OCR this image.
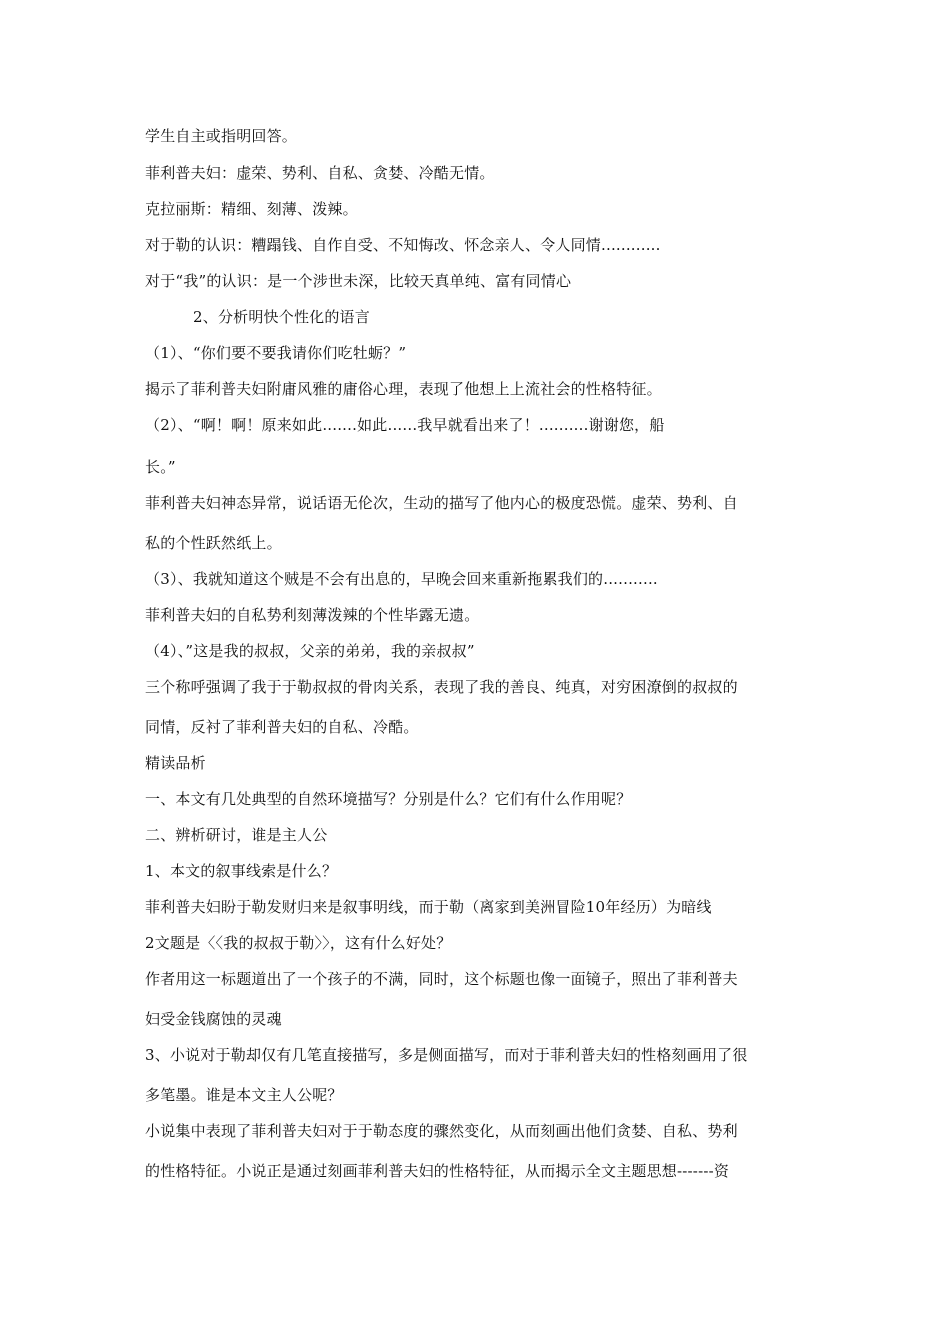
学生自主或指明回答。
菲利普夫妇：虚荣、势利、自私、贪婪、冷酷无情。
克拉丽斯：精细、刻薄、泼辣。
对于勒的认识：糟蹋钱、自作自受、不知悔改、怀念亲人、令人同情............
对于“我”的认识：是一个涉世未深，比较天真单纯、富有同情心
2、分析明快个性化的语言
（1）、“你们要不要我请你们吃牡蛎？”
揭示了菲利普夫妇附庸风雅的庸俗心理，表现了他想上上流社会的性格特征。
（2）、“啊！啊！原来如此.......如此......我早就看出来了！..........谢谢您，船
长。”
菲利普夫妇神态异常，说话语无伦次，生动的描写了他内心的极度恐慌。虚荣、势利、自
私的个性跃然纸上。
（3）、我就知道这个贼是不会有出息的，早晚会回来重新拖累我们的...........
菲利普夫妇的自私势利刻薄泼辣的个性毕露无遗。
（4）、”这是我的叔叔，父亲的弟弟，我的亲叔叔”
三个称呼强调了我于于勒叔叔的骨肉关系，表现了我的善良、纯真，对穷困潦倒的叔叔的
同情，反衬了菲利普夫妇的自私、冷酷。
精读品析
一、本文有几处典型的自然环境描写？分别是什么？它们有什么作用呢？
二、辨析研讨，谁是主人公
1、本文的叙事线索是什么？
菲利普夫妇盼于勒发财归来是叙事明线，而于勒（离家到美洲冒险10年经历）为暗线
2文题是〈〈我的叔叔于勒〉〉，这有什么好处？
作者用这一标题道出了一个孩子的不满，同时，这个标题也像一面镜子，照出了菲利普夫
妇受金钱腐蚀的灵魂
3、小说对于勒却仅有几笔直接描写，多是侧面描写，而对于菲利普夫妇的性格刻画用了很
多笔墨。谁是本文主人公呢？
小说集中表现了菲利普夫妇对于于勒态度的骤然变化，从而刻画出他们贪婪、自私、势利
的性格特征。小说正是通过刻画菲利普夫妇的性格特征，从而揭示全文主题思想-------资
